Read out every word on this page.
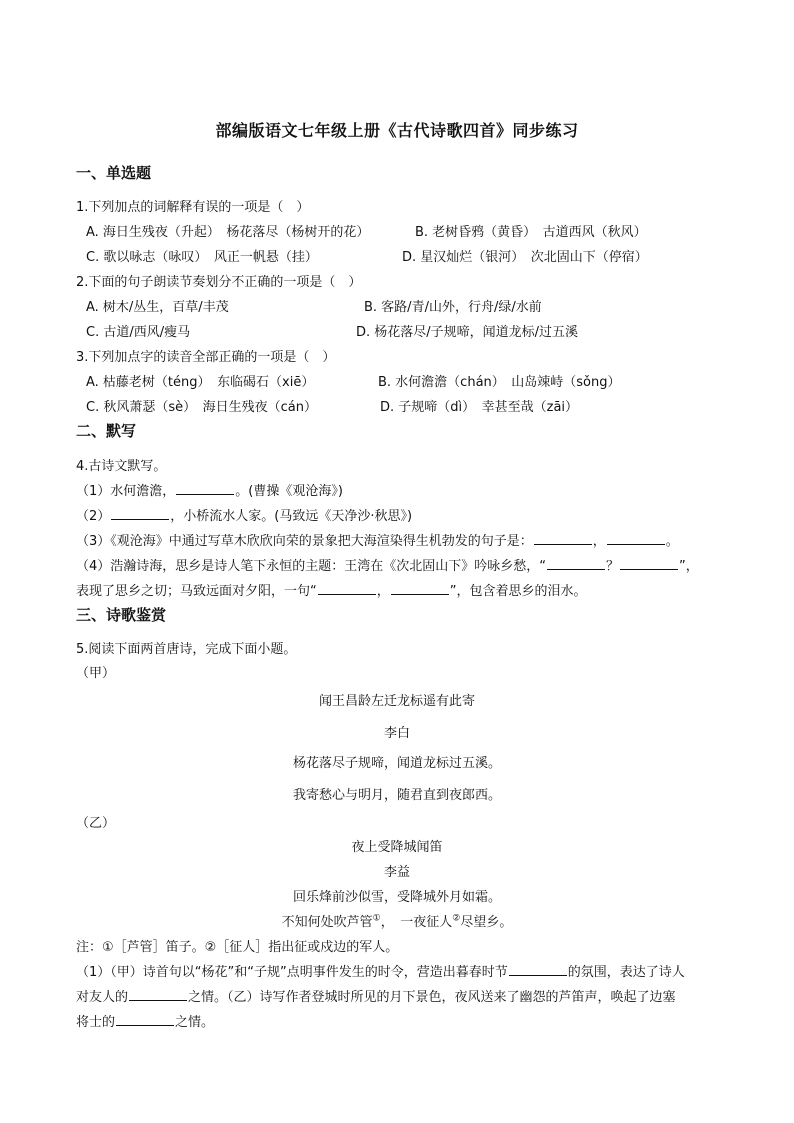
部编版语文七年级上册《古代诗歌四首》同步练习
一、单选题
1.下列加点的词解释有误的一项是（　）
A. 海日生残夜（升起）　杨花落尽（杨树开的花）	B. 老树昏鸦（黄昏）　古道西风（秋风）
C. 歌以咏志（咏叹）　风正一帆悬（挂）	D. 星汉灿烂（银河）　次北固山下（停宿）
2.下面的句子朗读节奏划分不正确的一项是（　）
A. 树木/丛生，百草/丰茂	B. 客路/青/山外，行舟/绿/水前
C. 古道/西风/瘦马	D. 杨花落尽/子规啼，闻道龙标/过五溪
3.下列加点字的读音全部正确的一项是（　）
A. 枯藤老树（téng）　东临碣石（xiē）	B. 水何澹澹（chán）　山岛竦峙（sǒng）
C. 秋风萧瑟（sè）　海日生残夜（cán）	D. 子规啼（dì）　幸甚至哉（zāi）
二、默写
4.古诗文默写。
（1）水何澹澹，	。(曹操《观沧海》)
（2）	，小桥流水人家。(马致远《天净沙·秋思》)
（3）《观沧海》中通过写草木欣欣向荣的景象把大海渲染得生机勃发的句子是：	，	。
（4）浩瀚诗海，思乡是诗人笔下永恒的主题：王湾在《次北固山下》吟咏乡愁，“	？	”，
表现了思乡之切；马致远面对夕阳，一句“	，	”，包含着思乡的泪水。
三、诗歌鉴赏
5.阅读下面两首唐诗，完成下面小题。
（甲）
闻王昌龄左迁龙标遥有此寄
李白
杨花落尽子规啼，闻道龙标过五溪。
我寄愁心与明月，随君直到夜郎西。
（乙）
夜上受降城闻笛
李益
回乐烽前沙似雪，受降城外月如霜。
不知何处吹芦管①，　一夜征人②尽望乡。
注：①［芦管］笛子。②［征人］指出征或戍边的军人。
（1）（甲）诗首句以“杨花”和“子规”点明事件发生的时令，营造出暮春时节	的氛围，表达了诗人
对友人的	之情。（乙）诗写作者登城时所见的月下景色，夜风送来了幽怨的芦笛声，唤起了边塞
将士的	之情。
